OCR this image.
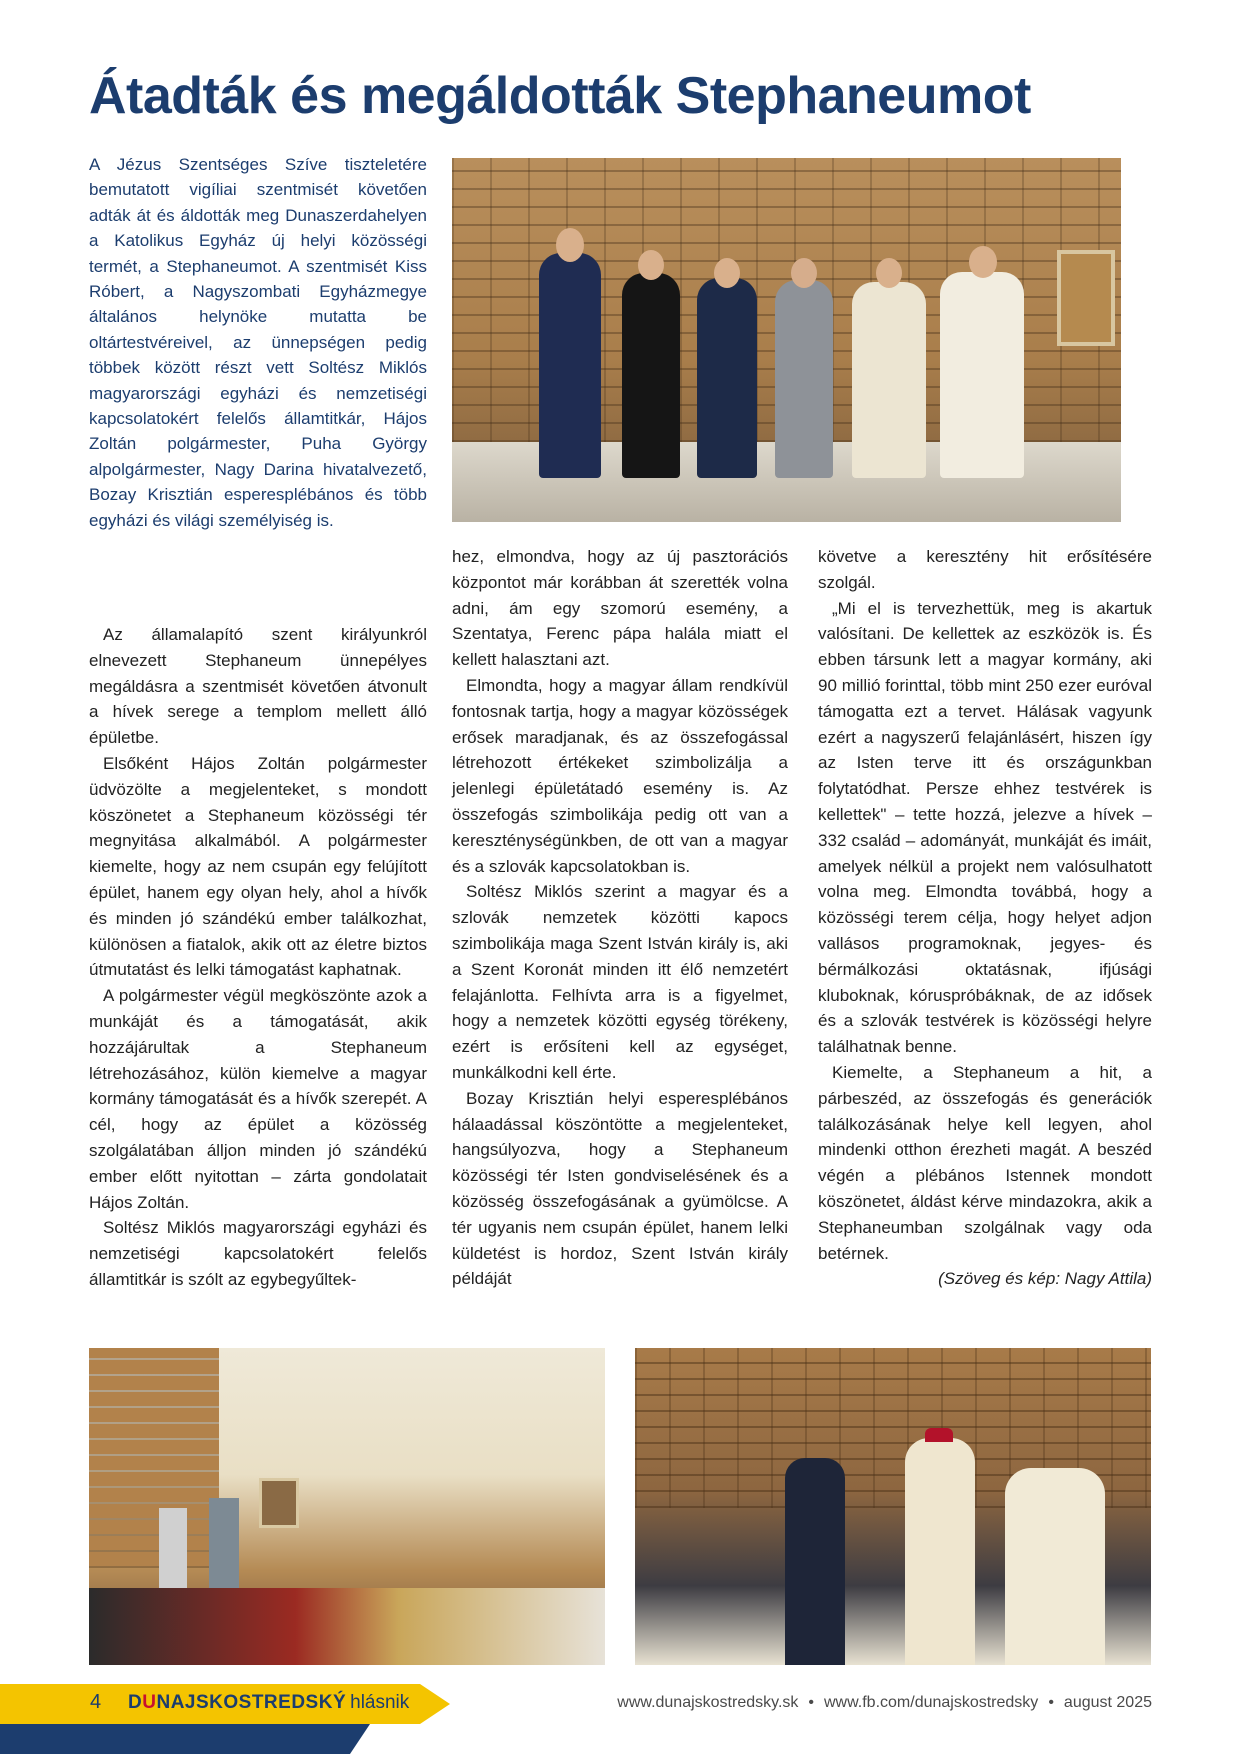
Átadták és megáldották Stephaneumot

A Jézus Szentséges Szíve tiszteletére bemutatott vigíliai szentmisét követően adták át és áldották meg Dunaszerdahelyen a Katolikus Egyház új helyi közösségi termét, a Stephaneumot. A szentmisét Kiss Róbert, a Nagyszombati Egyházmegye általános helynöke mutatta be oltártestvéreivel, az ünnepségen pedig többek között részt vett Soltész Miklós magyarországi egyházi és nemzetiségi kapcsolatokért felelős államtitkár, Hájos Zoltán polgármester, Puha György alpolgármester, Nagy Darina hivatalvezető, Bozay Krisztián esperesplébános és több egyházi és világi személyiség is.

Az államalapító szent királyunkról elnevezett Stephaneum ünnepélyes megáldásra a szentmisét követően átvonult a hívek serege a templom mellett álló épületbe.

Elsőként Hájos Zoltán polgármester üdvözölte a megjelenteket, s mondott köszönetet a Stephaneum közösségi tér megnyitása alkalmából. A polgármester kiemelte, hogy az nem csupán egy felújított épület, hanem egy olyan hely, ahol a hívők és minden jó szándékú ember találkozhat, különösen a fiatalok, akik ott az életre biztos útmutatást és lelki támogatást kaphatnak.

A polgármester végül megköszönte azok a munkáját és a támogatását, akik hozzájárultak a Stephaneum létrehozásához, külön kiemelve a magyar kormány támogatását és a hívők szerepét. A cél, hogy az épület a közösség szolgálatában álljon minden jó szándékú ember előtt nyitottan – zárta gondolatait Hájos Zoltán.

Soltész Miklós magyarországi egyházi és nemzetiségi kapcsolatokért felelős államtitkár is szólt az egybegyűltek-

hez, elmondva, hogy az új pasztorációs központot már korábban át szerették volna adni, ám egy szomorú esemény, a Szentatya, Ferenc pápa halála miatt el kellett halasztani azt.

Elmondta, hogy a magyar állam rendkívül fontosnak tartja, hogy a magyar közösségek erősek maradjanak, és az összefogással létrehozott értékeket szimbolizálja a jelenlegi épületátadó esemény is. Az összefogás szimbolikája pedig ott van a kereszténységünkben, de ott van a magyar és a szlovák kapcsolatokban is.

Soltész Miklós szerint a magyar és a szlovák nemzetek közötti kapocs szimbolikája maga Szent István király is, aki a Szent Koronát minden itt élő nemzetért felajánlotta. Felhívta arra is a figyelmet, hogy a nemzetek közötti egység törékeny, ezért is erősíteni kell az egységet, munkálkodni kell érte.

Bozay Krisztián helyi esperesplébános hálaadással köszöntötte a megjelenteket, hangsúlyozva, hogy a Stephaneum közösségi tér Isten gondviselésének és a közösség összefogásának a gyümölcse. A tér ugyanis nem csupán épület, hanem lelki küldetést is hordoz, Szent István király példáját

követve a keresztény hit erősítésére szolgál.

„Mi el is tervezhettük, meg is akartuk valósítani. De kellettek az eszközök is. És ebben társunk lett a magyar kormány, aki 90 millió forinttal, több mint 250 ezer euróval támogatta ezt a tervet. Hálásak vagyunk ezért a nagyszerű felajánlásért, hiszen így az Isten terve itt és országunkban folytatódhat. Persze ehhez testvérek is kellettek" – tette hozzá, jelezve a hívek – 332 család – adományát, munkáját és imáit, amelyek nélkül a projekt nem valósulhatott volna meg. Elmondta továbbá, hogy a közösségi terem célja, hogy helyet adjon vallásos programoknak, jegyes- és bérmálkozási oktatásnak, ifjúsági kluboknak, kóruspróbáknak, de az idősek és a szlovák testvérek is közösségi helyre találhatnak benne.

Kiemelte, a Stephaneum a hit, a párbeszéd, az összefogás és generációk találkozásának helye kell legyen, ahol mindenki otthon érezheti magát. A beszéd végén a plébános Istennek mondott köszönetet, áldást kérve mindazokra, akik a Stephaneumban szolgálnak vagy oda betérnek.

(Szöveg és kép: Nagy Attila)

4 DUNAJSKOSTREDSKÝ hlásnik	www.dunajskostredsky.sk • www.fb.com/dunajskostredsky • august 2025
